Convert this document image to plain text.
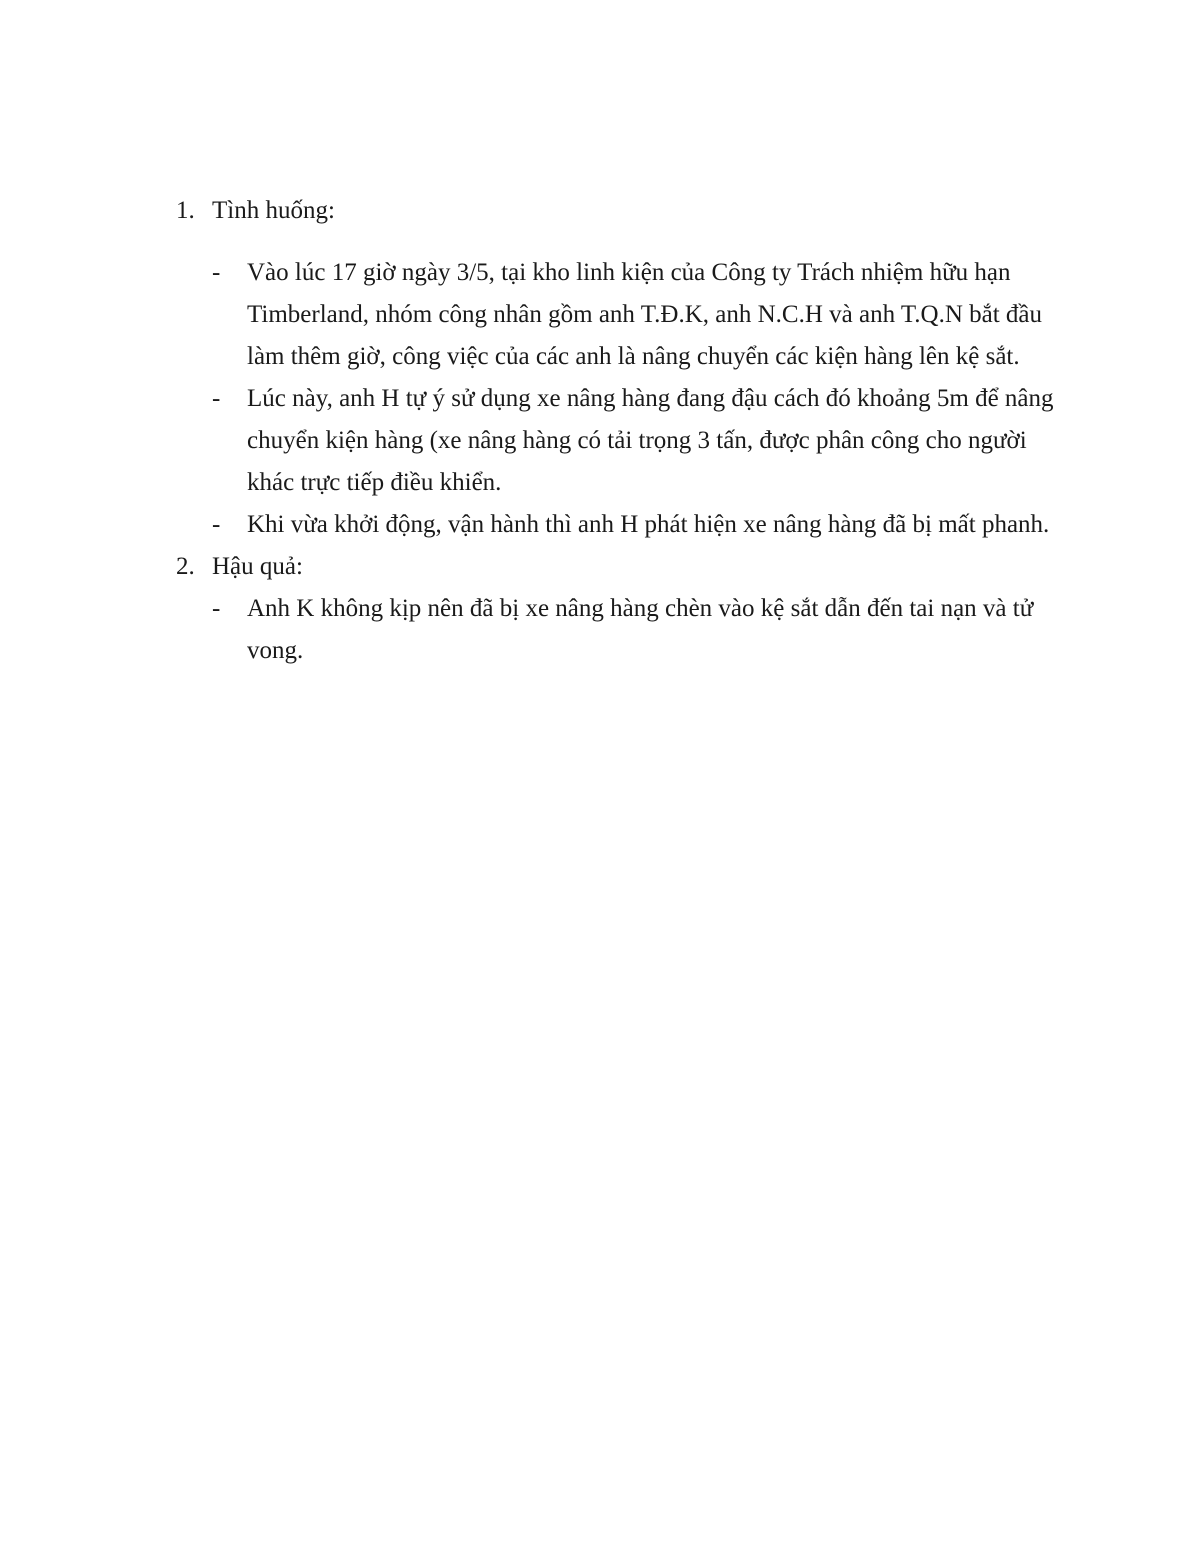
1. Tình huống:
-	Vào lúc 17 giờ ngày 3/5, tại kho linh kiện của Công ty Trách nhiệm hữu hạn Timberland, nhóm công nhân gồm anh T.Đ.K, anh N.C.H và anh T.Q.N bắt đầu làm thêm giờ, công việc của các anh là nâng chuyển các kiện hàng lên kệ sắt.
-	Lúc này, anh H tự ý sử dụng xe nâng hàng đang đậu cách đó khoảng 5m để nâng chuyển kiện hàng (xe nâng hàng có tải trọng 3 tấn, được phân công cho người khác trực tiếp điều khiển.
-	Khi vừa khởi động, vận hành thì anh H phát hiện xe nâng hàng đã bị mất phanh.
2. Hậu quả:
-	Anh K không kịp nên đã bị xe nâng hàng chèn vào kệ sắt dẫn đến tai nạn và tử vong.
